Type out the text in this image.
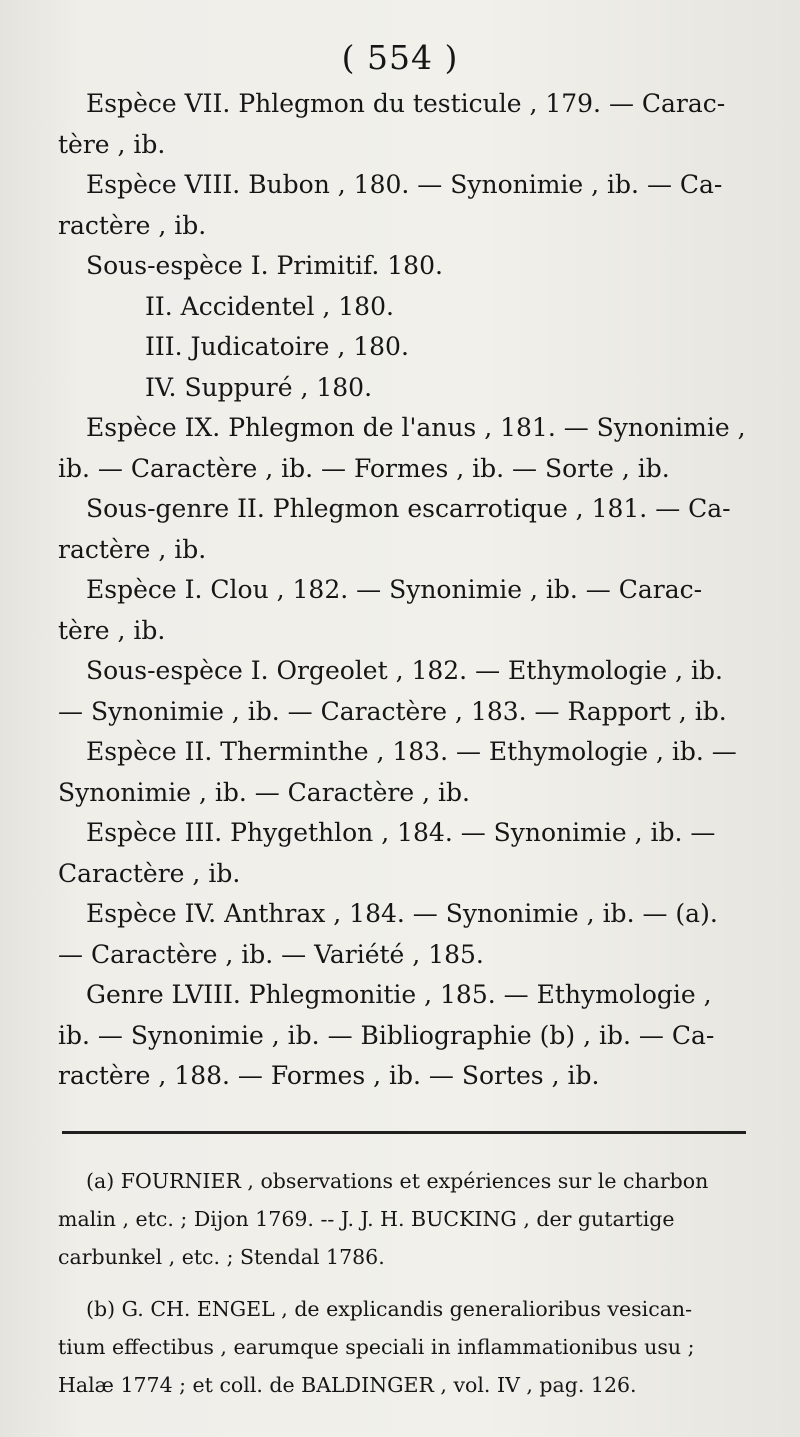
( 554 )
Espèce VII. Phlegmon du testicule , 179. — Carac-
tère , ib.
Espèce VIII. Bubon , 180. — Synonimie , ib. — Ca-
ractère , ib.
Sous-espèce I. Primitif. 180.
II. Accidentel , 180.
III. Judicatoire , 180.
IV. Suppuré , 180.
Espèce IX. Phlegmon de l'anus , 181. — Synonimie ,
ib. — Caractère , ib. — Formes , ib. — Sorte , ib.
Sous-genre II. Phlegmon escarrotique , 181. — Ca-
ractère , ib.
Espèce I. Clou , 182. — Synonimie , ib. — Carac-
tère , ib.
Sous-espèce I. Orgeolet , 182. — Ethymologie , ib.
— Synonimie , ib. — Caractère , 183. — Rapport , ib.
Espèce II. Therminthe , 183. — Ethymologie , ib. —
Synonimie , ib. — Caractère , ib.
Espèce III. Phygethlon , 184. — Synonimie , ib. —
Caractère , ib.
Espèce IV. Anthrax , 184. — Synonimie , ib. — (a).
— Caractère , ib. — Variété , 185.
Genre LVIII. Phlegmonitie , 185. — Ethymologie ,
ib. — Synonimie , ib. — Bibliographie (b) , ib. — Ca-
ractère , 188. — Formes , ib. — Sortes , ib.
(a) FOURNIER , observations et expériences sur le charbon
malin , etc. ; Dijon 1769. -- J. J. H. BUCKING , der gutartige
carbunkel , etc. ; Stendal 1786.
(b) G. CH. ENGEL , de explicandis generalioribus vesican-
tium effectibus , earumque speciali in inflammationibus usu ;
Halæ 1774 ; et coll. de BALDINGER , vol. IV , pag. 126.
